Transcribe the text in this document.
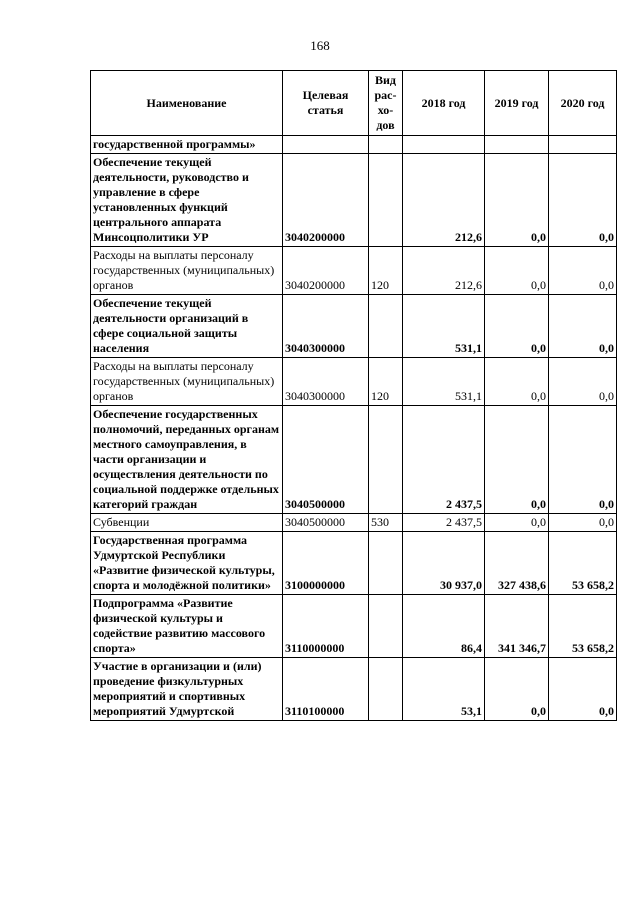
168
Наименование	Целевая статья	Вид рас-хо-дов	2018 год	2019 год	2020 год
государственной программы»					
Обеспечение текущей деятельности, руководство и управление в сфере установленных функций центрального аппарата Минсоцполитики УР	3040200000		212,6	0,0	0,0
Расходы на выплаты персоналу государственных (муниципальных) органов	3040200000	120	212,6	0,0	0,0
Обеспечение текущей деятельности организаций в сфере социальной защиты населения	3040300000		531,1	0,0	0,0
Расходы на выплаты персоналу государственных (муниципальных) органов	3040300000	120	531,1	0,0	0,0
Обеспечение государственных полномочий, переданных органам местного самоуправления, в части организации и осуществления деятельности по социальной поддержке отдельных категорий граждан	3040500000		2 437,5	0,0	0,0
Субвенции	3040500000	530	2 437,5	0,0	0,0
Государственная программа Удмуртской Республики «Развитие физической культуры, спорта и молодёжной политики»	3100000000		30 937,0	327 438,6	53 658,2
Подпрограмма «Развитие физической культуры и содействие развитию массового спорта»	3110000000		86,4	341 346,7	53 658,2
Участие в организации и (или) проведение физкультурных мероприятий и спортивных мероприятий Удмуртской	3110100000		53,1	0,0	0,0
